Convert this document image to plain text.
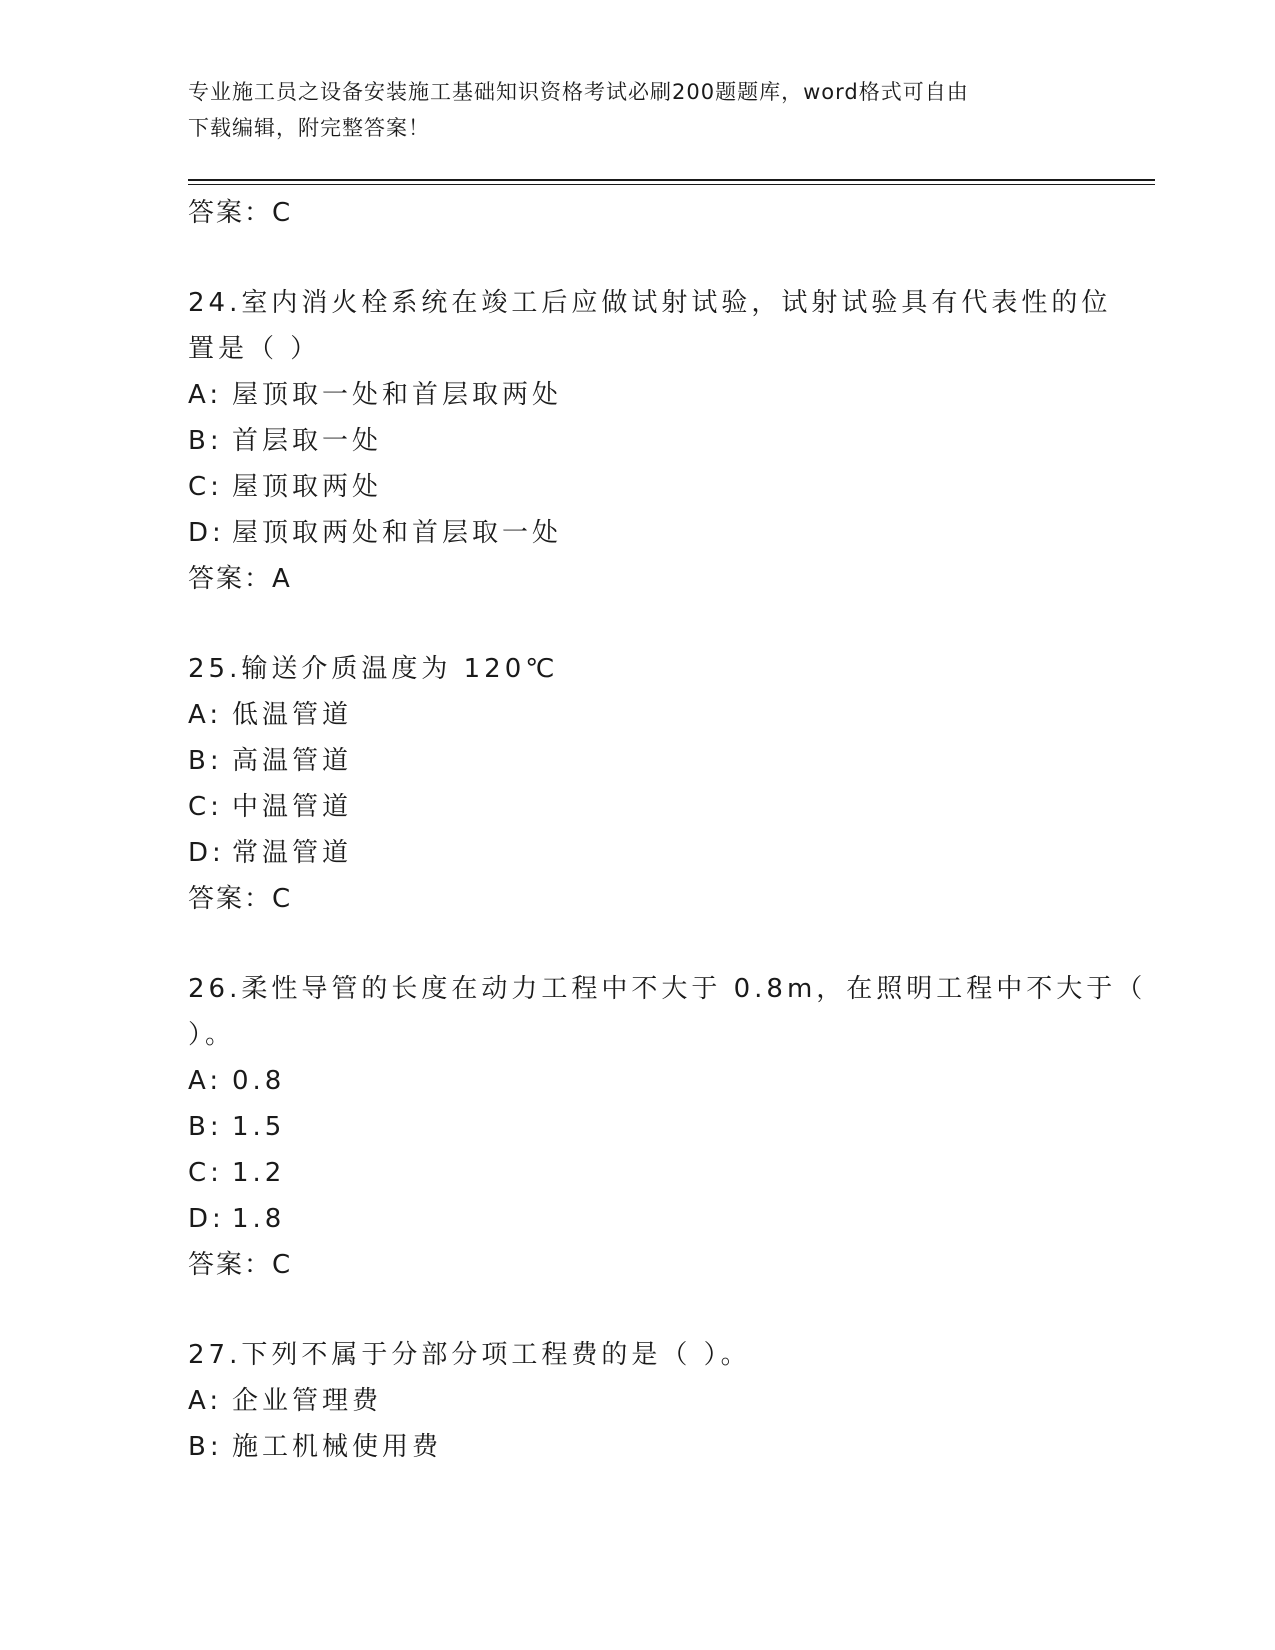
专业施工员之设备安装施工基础知识资格考试必刷200题题库，word格式可自由
下载编辑，附完整答案！
答案：C
24.室内消火栓系统在竣工后应做试射试验，试射试验具有代表性的位
置是（ ）
A: 屋顶取一处和首层取两处
B: 首层取一处
C: 屋顶取两处
D: 屋顶取两处和首层取一处
答案：A
25.输送介质温度为 120℃
A: 低温管道
B: 高温管道
C: 中温管道
D: 常温管道
答案：C
26.柔性导管的长度在动力工程中不大于 0.8m，在照明工程中不大于（
）。
A: 0.8
B: 1.5
C: 1.2
D: 1.8
答案：C
27.下列不属于分部分项工程费的是（ ）。
A: 企业管理费
B: 施工机械使用费
